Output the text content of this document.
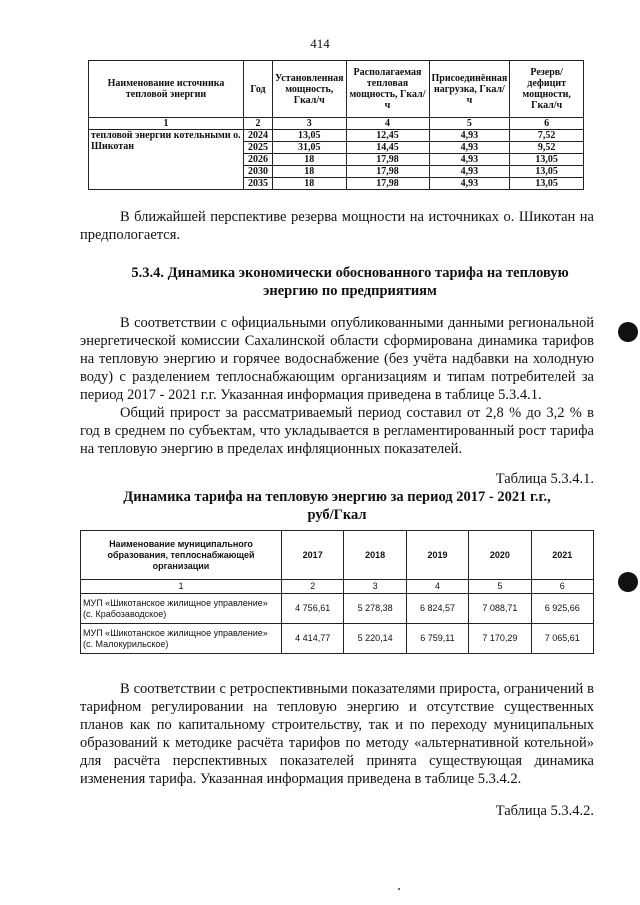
414
Наименование источника тепловой энергии	Год	Установленная мощность, Гкал/ч	Располагаемая тепловая мощность, Гкал/ч	Присоединённая нагрузка, Гкал/ч	Резерв/дефицит мощности, Гкал/ч
1	2	3	4	5	6
тепловой энергии котельными о. Шикотан	2024	13,05	12,45	4,93	7,52
	2025	31,05	14,45	4,93	9,52
	2026	18	17,98	4,93	13,05
	2030	18	17,98	4,93	13,05
	2035	18	17,98	4,93	13,05

В ближайшей перспективе резерва мощности на источниках о. Шикотан на предпологается.

5.3.4. Динамика экономически обоснованного тарифа на тепловую энергию по предприятиям

В соответствии с официальными опубликованными данными региональной энергетической комиссии Сахалинской области сформирована динамика тарифов на тепловую энергию и горячее водоснабжение (без учёта надбавки на холодную воду) с разделением теплоснабжающим организациям и типам потребителей за период 2017 - 2021 г.г. Указанная информация приведена в таблице 5.3.4.1.

Общий прирост за рассматриваемый период составил от 2,8 % до 3,2 % в год в среднем по субъектам, что укладывается в регламентированный рост тарифа на тепловую энергию в пределах инфляционных показателей.

Таблица 5.3.4.1.

Динамика тарифа на тепловую энергию за период 2017 - 2021 г.г., руб/Гкал

Наименование муниципального образования, теплоснабжающей организации	2017	2018	2019	2020	2021
1	2	3	4	5	6
МУП «Шикотанское жилищное управление» (с. Крабозаводское)	4 756,61	5 278,38	6 824,57	7 088,71	6 925,66
МУП «Шикотанское жилищное управление» (с. Малокурильское)	4 414,77	5 220,14	6 759,11	7 170,29	7 065,61

В соответствии с ретроспективными показателями прироста, ограничений в тарифном регулировании на тепловую энергию и отсутствие существенных планов как по капитальному строительству, так и по переходу муниципальных образований к методике расчёта тарифов по методу «альтернативной котельной» для расчёта перспективных показателей принята существующая динамика изменения тарифа. Указанная информация приведена в таблице 5.3.4.2.

Таблица 5.3.4.2.
